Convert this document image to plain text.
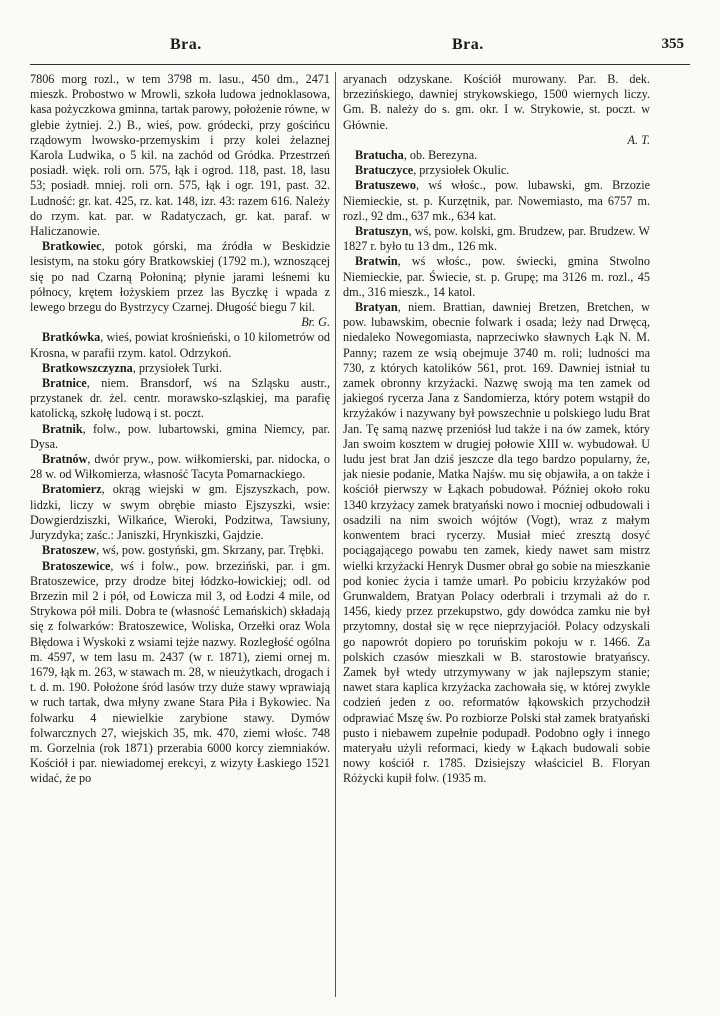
Bra.	Bra.	355

7806 morg rozl., w tem 3798 m. lasu., 450 dm., 2471 mieszk. Probostwo w Mrowli, szkoła ludowa jednoklasowa, kasa pożyczkowa gminna, tartak parowy, położenie równe, w glebie żytniej. 2.) B., wieś, pow. gródecki, przy gościńcu rządowym lwowsko-przemyskim i przy kolei żelaznej Karola Ludwika, o 5 kil. na zachód od Gródka. Przestrzeń posiadł. więk. roli orn. 575, łąk i ogrod. 118, past. 18, lasu 53; posiadł. mniej. roli orn. 575, łąk i ogr. 191, past. 32. Ludność: gr. kat. 425, rz. kat. 148, izr. 43: razem 616. Należy do rzym. kat. par. w Radatyczach, gr. kat. paraf. w Haliczanowie.

Bratkowiec, potok górski, ma źródła w Beskidzie lesistym, na stoku góry Bratkowskiej (1792 m.), wznoszącej się po nad Czarną Połoniną; płynie jarami leśnemi ku północy, krętem łożyskiem przez las Byczkę i wpada z lewego brzegu do Bystrzycy Czarnej. Długość biegu 7 kil.
Br. G.

Bratkówka, wieś, powiat krośnieński, o 10 kilometrów od Krosna, w parafii rzym. katol. Odrzykoń.

Bratkowszczyzna, przysiołek Turki.

Bratnice, niem. Bransdorf, wś na Szląsku austr., przystanek dr. żel. centr. morawsko-szląskiej, ma parafię katolicką, szkołę ludową i st. poczt.

Bratnik, folw., pow. lubartowski, gmina Niemcy, par. Dysa.

Bratnów, dwór pryw., pow. wiłkomierski, par. nidocka, o 28 w. od Wiłkomierza, własność Tacyta Pomarnackiego.

Bratomierz, okrąg wiejski w gm. Ejszyszkach, pow. lidzki, liczy w swym obrębie miasto Ejszyszki, wsie: Dowgierdziszki, Wilkańce, Wieroki, Podzitwa, Tawsiuny, Juryzdyka; zaśc.: Janiszki, Hrynkiszki, Gajdzie.

Bratoszew, wś, pow. gostyński, gm. Skrzany, par. Trębki.

Bratoszewice, wś i folw., pow. brzeziński, par. i gm. Bratoszewice, przy drodze bitej łódzko-łowickiej; odl. od Brzezin mil 2 i pół, od Łowicza mil 3, od Łodzi 4 mile, od Strykowa pół mili. Dobra te (własność Lemańskich) składają się z folwarków: Bratoszewice, Woliska, Orzełki oraz Wola Błędowa i Wyskoki z wsiami tejże nazwy. Rozległość ogólna m. 4597, w tem lasu m. 2437 (w r. 1871), ziemi ornej m. 1679, łąk m. 263, w stawach m. 28, w nieużytkach, drogach i t. d. m. 190. Położone śród lasów trzy duże stawy wprawiają w ruch tartak, dwa młyny zwane Stara Piła i Bykowiec. Na folwarku 4 niewielkie zarybione stawy. Dymów folwarcznych 27, wiejskich 35, mk. 470, ziemi włośc. 748 m. Gorzelnia (rok 1871) przerabia 6000 korcy ziemniaków. Kościół i par. niewiadomej erekcyi, z wizyty Łaskiego 1521 widać, że po

aryanach odzyskane. Kościół murowany. Par. B. dek. brzezińskiego, dawniej strykowskiego, 1500 wiernych liczy. Gm. B. należy do s. gm. okr. I w. Strykowie, st. poczt. w Głównie.
A. T.

Bratucha, ob. Berezyna.

Bratuczyce, przysiołek Okulic.

Bratuszewo, wś włośc., pow. lubawski, gm. Brzozie Niemieckie, st. p. Kurzętnik, par. Nowemiasto, ma 6757 m. rozl., 92 dm., 637 mk., 634 kat.

Bratuszyn, wś, pow. kolski, gm. Brudzew, par. Brudzew. W 1827 r. było tu 13 dm., 126 mk.

Bratwin, wś włośc., pow. świecki, gmina Stwolno Niemieckie, par. Świecie, st. p. Grupę; ma 3126 m. rozl., 45 dm., 316 mieszk., 14 katol.

Bratyan, niem. Brattian, dawniej Bretzen, Bretchen, w pow. lubawskim, obecnie folwark i osada; leży nad Drwęcą, niedaleko Nowegomiasta, naprzeciwko sławnych Łąk N. M. Panny; razem ze wsią obejmuje 3740 m. roli; ludności ma 730, z których katolików 561, prot. 169. Dawniej istniał tu zamek obronny krzyżacki. Nazwę swoją ma ten zamek od jakiegoś rycerza Jana z Sandomierza, który potem wstąpił do krzyżaków i nazywany był powszechnie u polskiego ludu Brat Jan. Tę samą nazwę przeniósł lud także i na ów zamek, który Jan swoim kosztem w drugiej połowie XIII w. wybudował. U ludu jest brat Jan dziś jeszcze dla tego bardzo popularny, że, jak niesie podanie, Matka Najśw. mu się objawiła, a on także i kościół pierwszy w Łąkach pobudował. Później około roku 1340 krzyżacy zamek bratyański nowo i mocniej odbudowali i osadzili na nim swoich wójtów (Vogt), wraz z małym konwentem braci rycerzy. Musiał mieć zresztą dosyć pociągającego powabu ten zamek, kiedy nawet sam mistrz wielki krzyżacki Henryk Dusmer obrał go sobie na mieszkanie pod koniec życia i tamże umarł. Po pobiciu krzyżaków pod Grunwaldem, Bratyan Polacy oderbrali i trzymali aż do r. 1456, kiedy przez przekupstwo, gdy dowódca zamku nie był przytomny, dostał się w ręce nieprzyjaciół. Polacy odzyskali go napowrót dopiero po toruńskim pokoju w r. 1466. Za polskich czasów mieszkali w B. starostowie bratyańscy. Zamek był wtedy utrzymywany w jak najlepszym stanie; nawet stara kaplica krzyżacka zachowała się, w której zwykle codzień jeden z oo. reformatów łąkowskich przychodził odprawiać Mszę św. Po rozbiorze Polski stał zamek bratyański pusto i niebawem zupełnie podupadł. Podobno ogły i innego materyału użyli reformaci, kiedy w Łąkach budowali sobie nowy kościół r. 1785. Dzisiejszy właściciel B. Floryan Różycki kupił folw. (1935 m.
